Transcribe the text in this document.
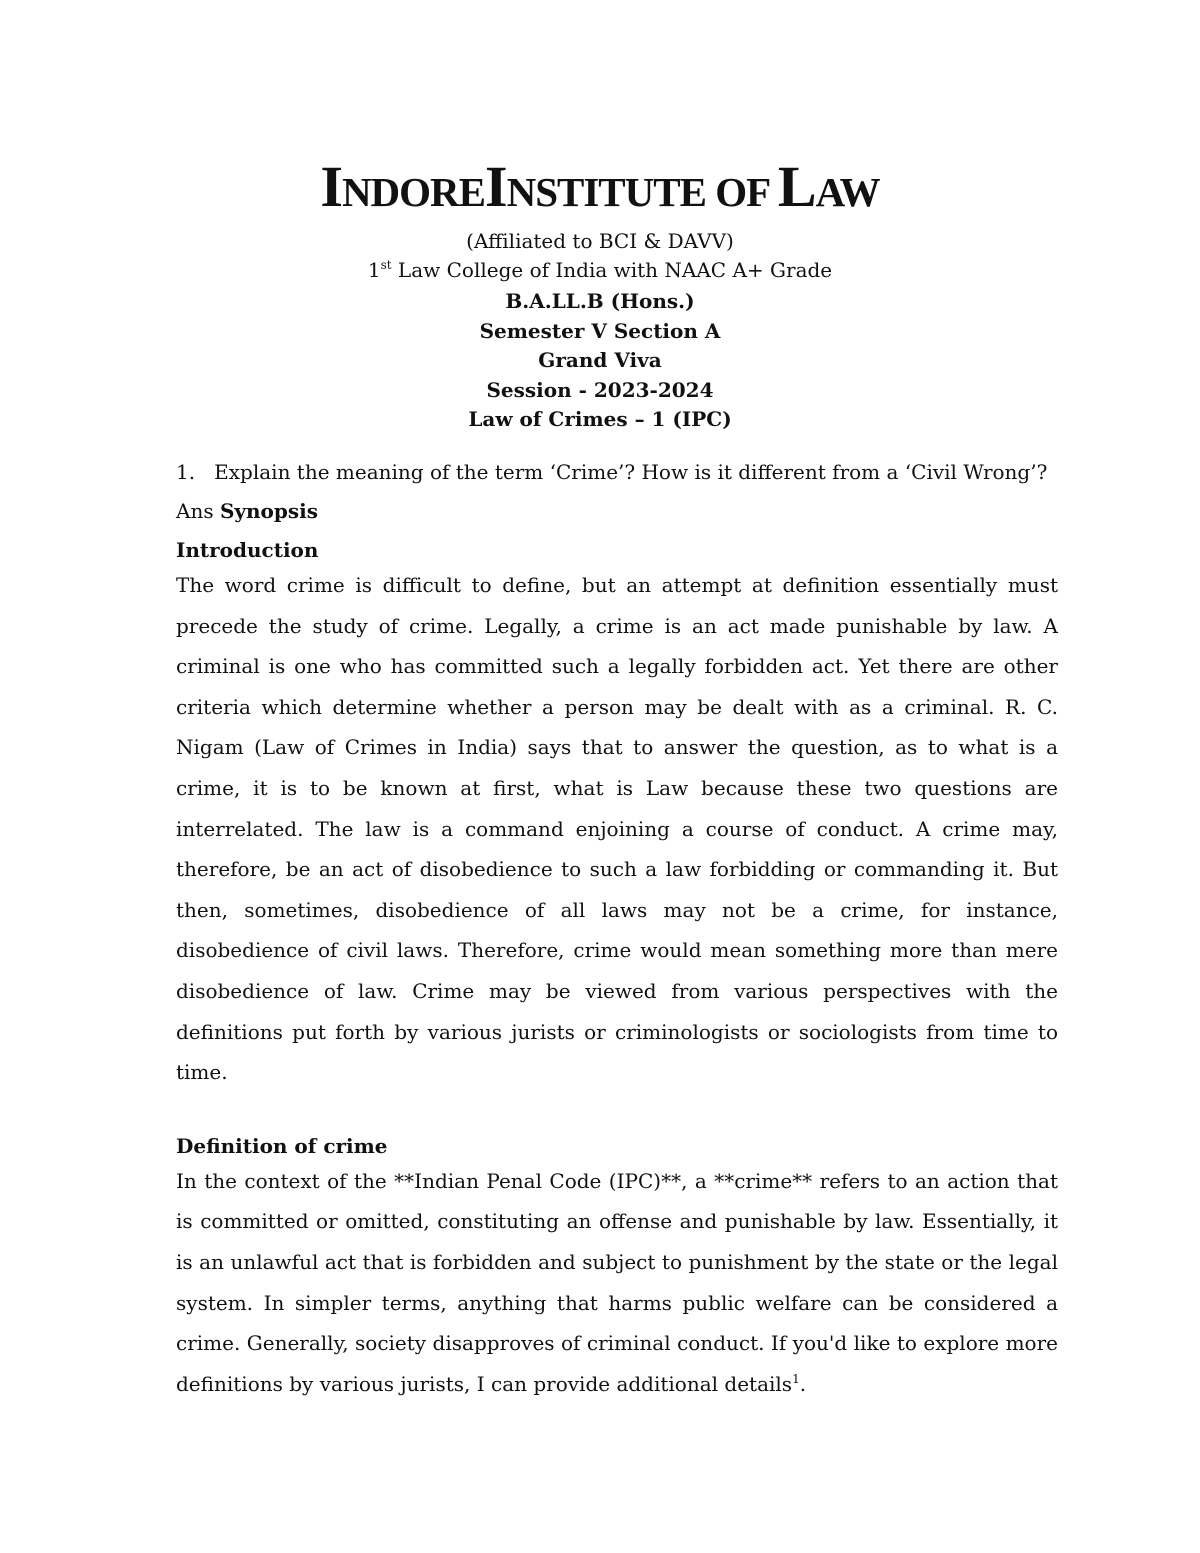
INDOREINSTITUTE OF LAW

(Affiliated to BCI & DAVV)

1st Law College of India with NAAC A+ Grade

B.A.LL.B (Hons.)

Semester V Section A

Grand Viva

Session - 2023-2024

Law of Crimes – 1 (IPC)

1. Explain the meaning of the term ‘Crime’? How is it different from a ‘Civil Wrong’?

Ans Synopsis

Introduction

The word crime is difficult to define, but an attempt at definition essentially must precede the study of crime. Legally, a crime is an act made punishable by law. A criminal is one who has committed such a legally forbidden act. Yet there are other criteria which determine whether a person may be dealt with as a criminal. R. C. Nigam (Law of Crimes in India) says that to answer the question, as to what is a crime, it is to be known at first, what is Law because these two questions are interrelated. The law is a command enjoining a course of conduct. A crime may, therefore, be an act of disobedience to such a law forbidding or commanding it. But then, sometimes, disobedience of all laws may not be a crime, for instance, disobedience of civil laws. Therefore, crime would mean something more than mere disobedience of law. Crime may be viewed from various perspectives with the definitions put forth by various jurists or criminologists or sociologists from time to time.

Definition of crime

In the context of the **Indian Penal Code (IPC)**, a **crime** refers to an action that is committed or omitted, constituting an offense and punishable by law. Essentially, it is an unlawful act that is forbidden and subject to punishment by the state or the legal system. In simpler terms, anything that harms public welfare can be considered a crime. Generally, society disapproves of criminal conduct. If you'd like to explore more definitions by various jurists, I can provide additional details$^1$.
